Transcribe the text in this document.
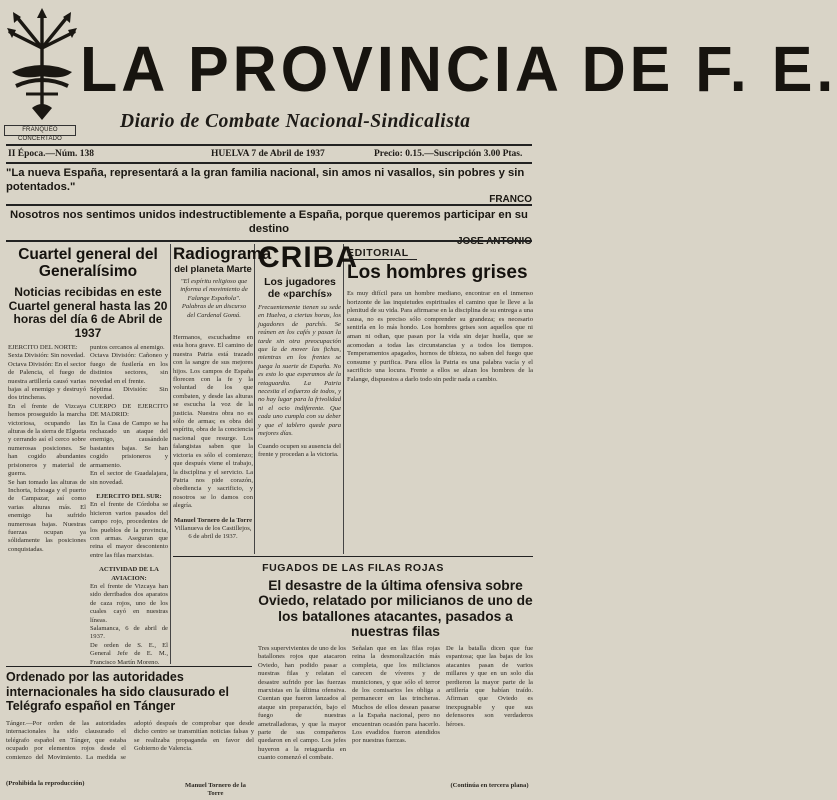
FRANQUEO CONCERTADO
LA PROVINCIA DE F. E.
Diario de Combate Nacional-Sindicalista
II Época.—Núm. 138	HUELVA 7 de Abril de 1937	Precio: 0.15.—Suscripción 3.00 Ptas.
"La nueva España, representará a la gran familia nacional, sin amos ni vasallos, sin pobres y sin potentados."
FRANCO
Nosotros nos sentimos unidos indestructiblemente a España, porque queremos participar en su destino
JOSE ANTONIO
Cuartel general del Generalísimo
Noticias recibidas en este Cuartel general hasta las 20 horas del día 6 de Abril de 1937
EJERCITO DEL NORTE:
Sexta División: Sin novedad.
Octava División: En el sector de Palencia, el fuego de nuestra artillería causó varias bajas al enemigo y destruyó dos trincheras.
En el frente de Vizcaya hemos proseguido la marcha victoriosa, ocupando las alturas de la sierra de Elgueta y cerrando así el cerco sobre numerosas posiciones. Se han cogido abundantes prisioneros y material de guerra.
Se han tomado las alturas de Inchorta, Ichoaga y el puerto de Campazar, así como varias alturas más. El enemigo ha sufrido numerosas bajas. Nuestras fuerzas ocupan ya sólidamente las posiciones conquistadas.
puntos cercanos al enemigo.
Octava División: Cañoneo y fuego de fusilería en los distintos sectores, sin novedad en el frente.
Séptima División: Sin novedad.
CUERPO DE EJERCITO DE MADRID:
En la Casa de Campo se ha rechazado un ataque del enemigo, causándole bastantes bajas. Se han cogido prisioneros y armamento.
En el sector de Guadalajara, sin novedad.
EJERCITO DEL SUR:
En el frente de Córdoba se hicieron varios pasados del campo rojo, procedentes de los pueblos de la provincia, con armas. Aseguran que reina el mayor descontento entre las filas marxistas.
ACTIVIDAD DE LA AVIACION:
En el frente de Vizcaya han sido derribados dos aparatos de caza rojos, uno de los cuales cayó en nuestras líneas.
Salamanca, 6 de abril de 1937.
De orden de S. E., El General Jefe de E. M., Francisco Martín Moreno.
Ordenado por las autoridades internacionales ha sido clausurado el Telégrafo español en Tánger
Tánger.—Por orden de las autoridades internacionales ha sido clausurado el telégrafo español en Tánger, que estaba ocupado por elementos rojos desde el comienzo del Movimiento. La medida se adoptó después de comprobar que desde dicho centro se transmitían noticias falsas y se realizaba propaganda en favor del Gobierno de Valencia.
(Prohibida la reproducción)
Radiograma
del planeta Marte
"El espíritu religioso que informa el movimiento de Falange Española". Palabras de un discurso del Cardenal Gomá.
Hermanos, escuchadme en esta hora grave. El camino de nuestra Patria está trazado con la sangre de sus mejores hijos. Los campos de España florecen con la fe y la voluntad de los que combaten, y desde las alturas se escucha la voz de la justicia. Nuestra obra no es sólo de armas; es obra del espíritu, obra de la conciencia nacional que resurge. Los falangistas saben que la victoria es sólo el comienzo; que después viene el trabajo, la disciplina y el servicio. La Patria nos pide corazón, obediencia y sacrificio, y nosotros se lo damos con alegría.
Manuel Tornero de la Torre
Villanueva de los Castillejos, 6 de abril de 1937.
CRIBA
Los jugadores de «parchís»
Frecuentemente tienen su sede en Huelva, a ciertas horas, los jugadores de parchís. Se reúnen en los cafés y pasan la tarde sin otra preocupación que la de mover las fichas, mientras en los frentes se juega la suerte de España. No es esto lo que esperamos de la retaguardia. La Patria necesita el esfuerzo de todos, y no hay lugar para la frivolidad ni el ocio indiferente. Que cada uno cumpla con su deber y que el tablero quede para mejores días.
Cuando ocupen su ausencia del frente y procedan a la victoria.
EDITORIAL
Los hombres grises
Es muy difícil para un hombre mediano, encontrar en el inmenso horizonte de las inquietudes espirituales el camino que le lleve a la plenitud de su vida. Para afirmarse en la disciplina de su entrega a una causa, no es preciso sólo comprender su grandeza; es necesario sentirla en lo más hondo. Los hombres grises son aquellos que ni aman ni odian, que pasan por la vida sin dejar huella, que se acomodan a todas las circunstancias y a todos los tiempos. Temperamentos apagados, hornos de tibieza, no saben del fuego que consume y purifica. Para ellos la Patria es una palabra vacía y el sacrificio una locura. Frente a ellos se alzan los hombres de la Falange, dispuestos a darlo todo sin pedir nada a cambio.
FUGADOS DE LAS FILAS ROJAS
El desastre de la última ofensiva sobre Oviedo, relatado por milicianos de uno de los batallones atacantes, pasados a nuestras filas
Tres supervivientes de uno de los batallones rojos que atacaron Oviedo, han podido pasar a nuestras filas y relatan el desastre sufrido por las fuerzas marxistas en la última ofensiva. Cuentan que fueron lanzados al ataque sin preparación, bajo el fuego de nuestras ametralladoras, y que la mayor parte de sus compañeros quedaron en el campo. Los jefes huyeron a la retaguardia en cuanto comenzó el combate.
Señalan que en las filas rojas reina la desmoralización más completa, que los milicianos carecen de víveres y de municiones, y que sólo el terror de los comisarios les obliga a permanecer en las trincheras. Muchos de ellos desean pasarse a la España nacional, pero no encuentran ocasión para hacerlo. Los evadidos fueron atendidos por nuestras fuerzas.
De la batalla dicen que fue espantosa; que las bajas de los atacantes pasan de varios millares y que en un solo día perdieron la mayor parte de la artillería que habían traído. Afirman que Oviedo es inexpugnable y que sus defensores son verdaderos héroes.
(Continúa en tercera plana)
Manuel Tornero de la Torre
